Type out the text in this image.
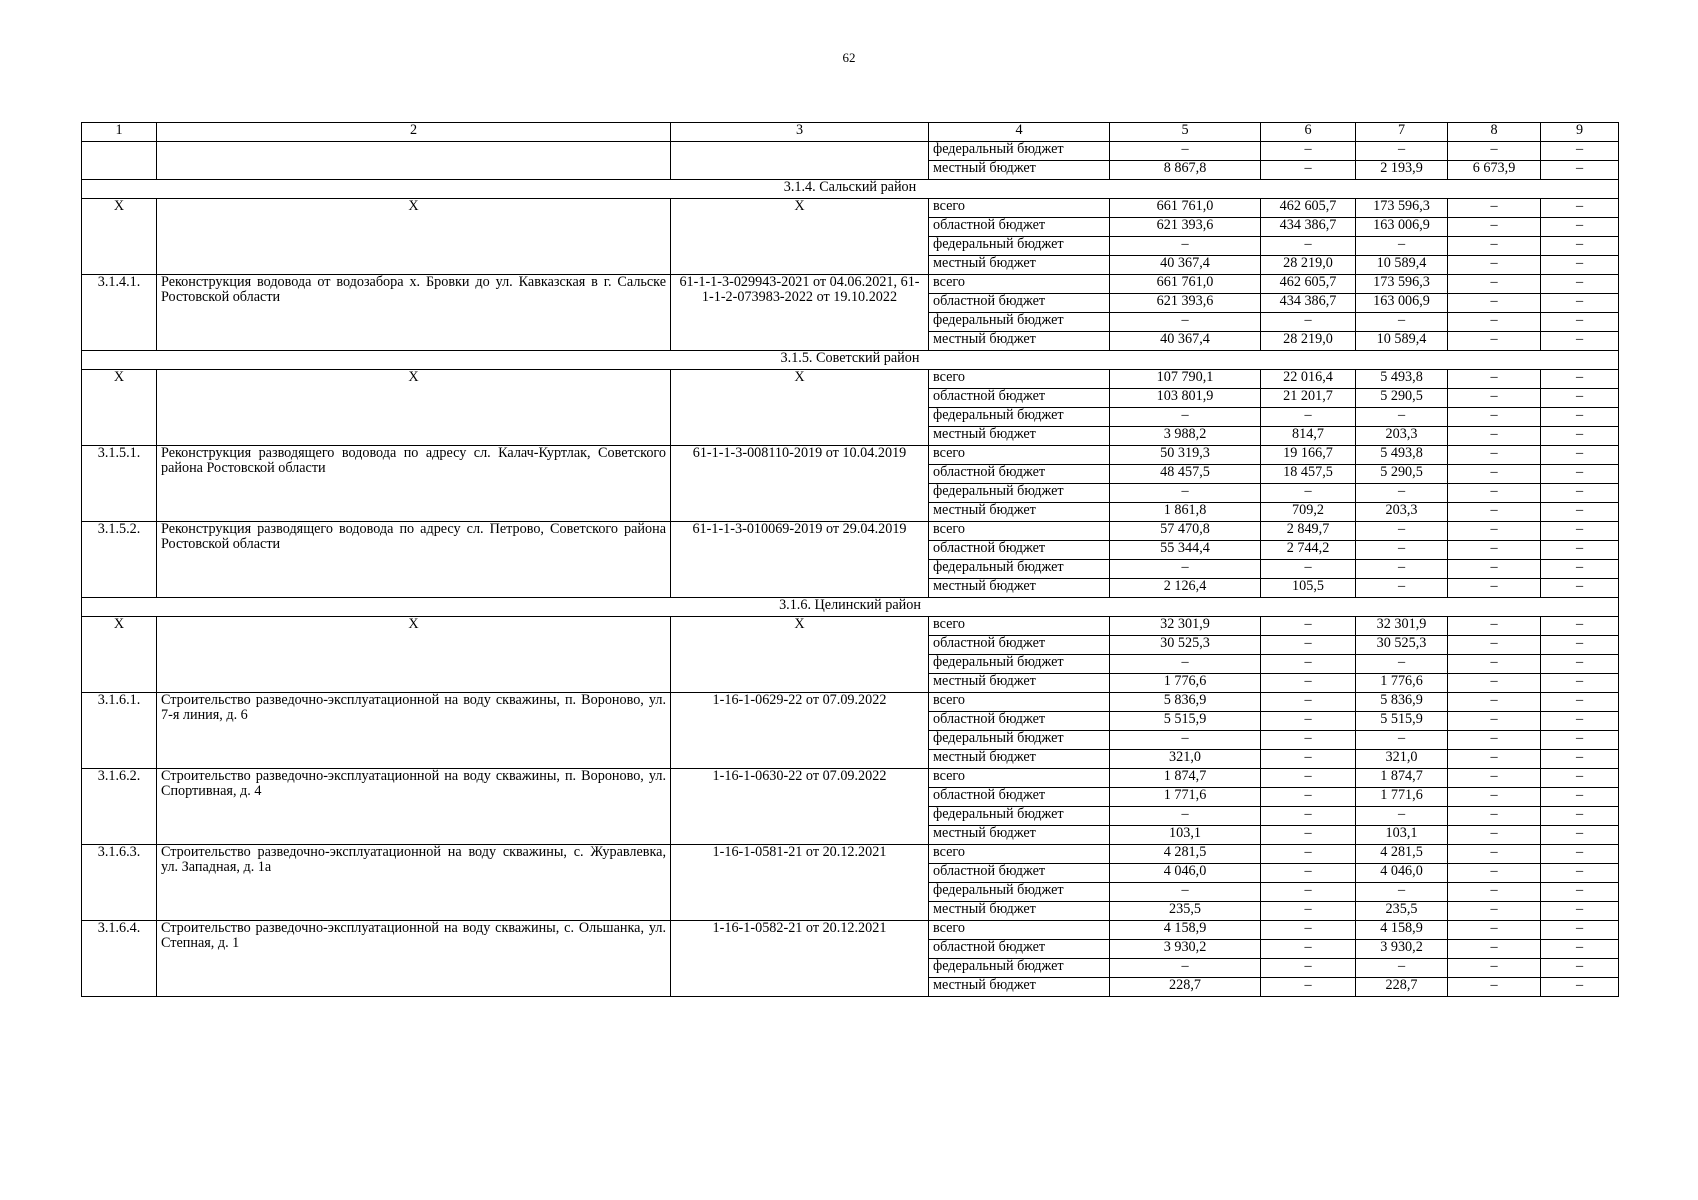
62
1	2	3	4	5	6	7	8	9
			федеральный бюджет	–	–	–	–	–
			местный бюджет	8 867,8	–	2 193,9	6 673,9	–
3.1.4. Сальский район								
Х	Х	Х	всего	661 761,0	462 605,7	173 596,3	–	–
			областной бюджет	621 393,6	434 386,7	163 006,9	–	–
			федеральный бюджет	–	–	–	–	–
			местный бюджет	40 367,4	28 219,0	10 589,4	–	–
3.1.4.1.	Реконструкция водовода от водозабора х. Бровки до ул. Кавказская в г. Сальске Ростовской области	61-1-1-3-029943-2021 от 04.06.2021, 61-1-1-2-073983-2022 от 19.10.2022	всего	661 761,0	462 605,7	173 596,3	–	–
			областной бюджет	621 393,6	434 386,7	163 006,9	–	–
			федеральный бюджет	–	–	–	–	–
			местный бюджет	40 367,4	28 219,0	10 589,4	–	–
3.1.5. Советский район								
Х	Х	Х	всего	107 790,1	22 016,4	5 493,8	–	–
			областной бюджет	103 801,9	21 201,7	5 290,5	–	–
			федеральный бюджет	–	–	–	–	–
			местный бюджет	3 988,2	814,7	203,3	–	–
3.1.5.1.	Реконструкция разводящего водовода по адресу сл. Калач-Куртлак, Советского района Ростовской области	61-1-1-3-008110-2019 от 10.04.2019	всего	50 319,3	19 166,7	5 493,8	–	–
			областной бюджет	48 457,5	18 457,5	5 290,5	–	–
			федеральный бюджет	–	–	–	–	–
			местный бюджет	1 861,8	709,2	203,3	–	–
3.1.5.2.	Реконструкция разводящего водовода по адресу сл. Петрово, Советского района Ростовской области	61-1-1-3-010069-2019 от 29.04.2019	всего	57 470,8	2 849,7	–	–	–
			областной бюджет	55 344,4	2 744,2	–	–	–
			федеральный бюджет	–	–	–	–	–
			местный бюджет	2 126,4	105,5	–	–	–
3.1.6. Целинский район								
Х	Х	Х	всего	32 301,9	–	32 301,9	–	–
			областной бюджет	30 525,3	–	30 525,3	–	–
			федеральный бюджет	–	–	–	–	–
			местный бюджет	1 776,6	–	1 776,6	–	–
3.1.6.1.	Строительство разведочно-эксплуатационной на воду скважины, п. Вороново, ул. 7-я линия, д. 6	1-16-1-0629-22 от 07.09.2022	всего	5 836,9	–	5 836,9	–	–
			областной бюджет	5 515,9	–	5 515,9	–	–
			федеральный бюджет	–	–	–	–	–
			местный бюджет	321,0	–	321,0	–	–
3.1.6.2.	Строительство разведочно-эксплуатационной на воду скважины, п. Вороново, ул. Спортивная, д. 4	1-16-1-0630-22 от 07.09.2022	всего	1 874,7	–	1 874,7	–	–
			областной бюджет	1 771,6	–	1 771,6	–	–
			федеральный бюджет	–	–	–	–	–
			местный бюджет	103,1	–	103,1	–	–
3.1.6.3.	Строительство разведочно-эксплуатационной на воду скважины, с. Журавлевка, ул. Западная, д. 1а	1-16-1-0581-21 от 20.12.2021	всего	4 281,5	–	4 281,5	–	–
			областной бюджет	4 046,0	–	4 046,0	–	–
			федеральный бюджет	–	–	–	–	–
			местный бюджет	235,5	–	235,5	–	–
3.1.6.4.	Строительство разведочно-эксплуатационной на воду скважины, с. Ольшанка, ул. Степная, д. 1	1-16-1-0582-21 от 20.12.2021	всего	4 158,9	–	4 158,9	–	–
			областной бюджет	3 930,2	–	3 930,2	–	–
			федеральный бюджет	–	–	–	–	–
			местный бюджет	228,7	–	228,7	–	–
